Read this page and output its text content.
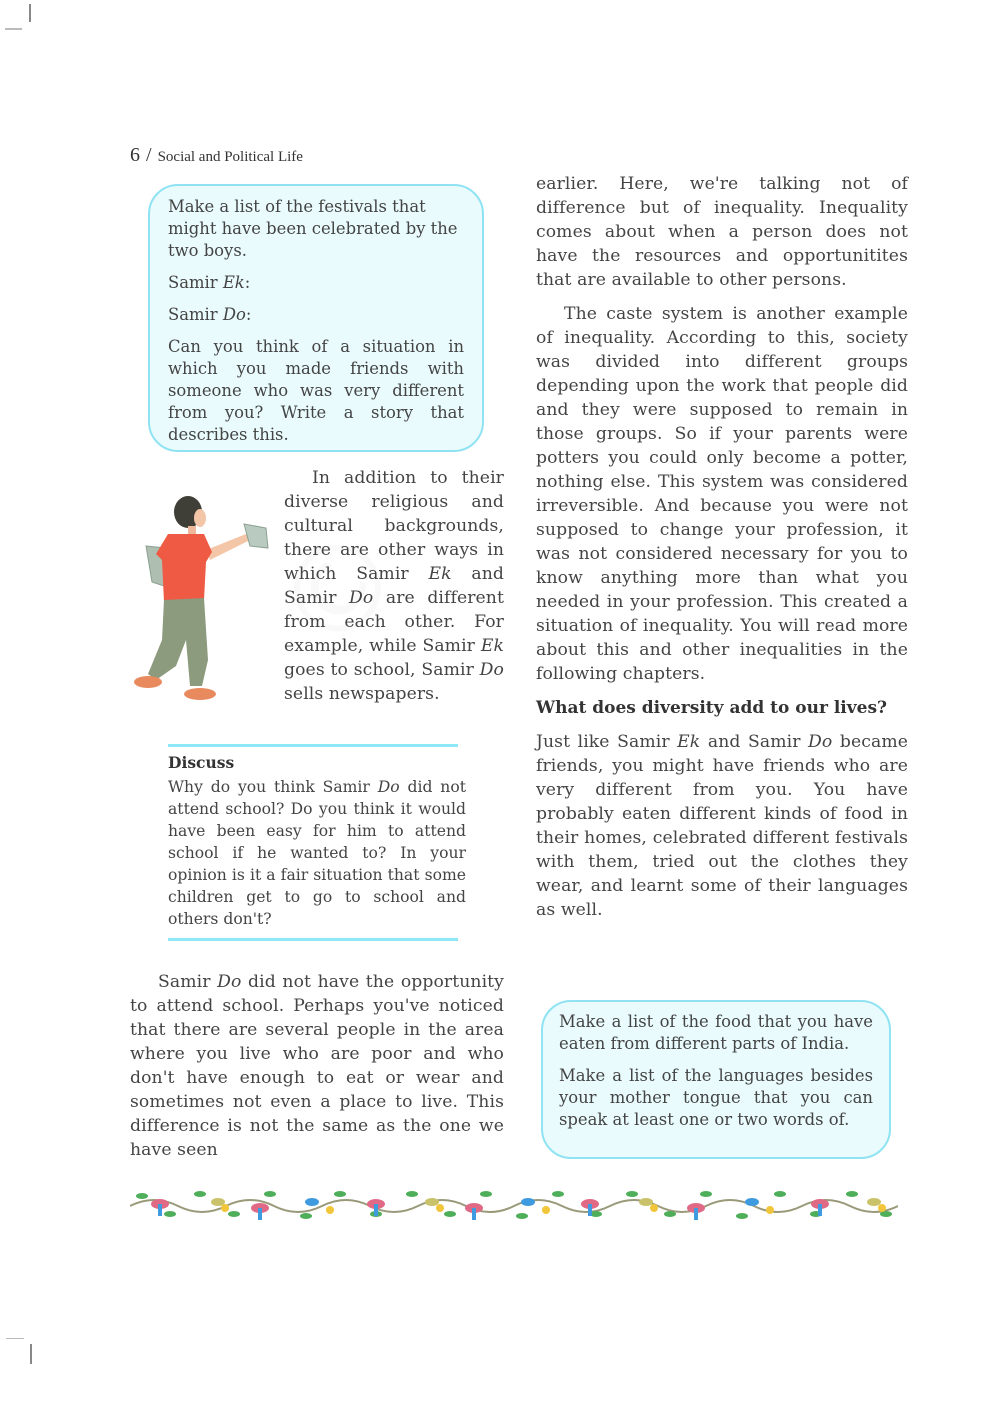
6 / Social and Political Life

Make a list of the festivals that might have been celebrated by the two boys.

Samir Ek:

Samir Do:

Can you think of a situation in which you made friends with someone who was very different from you? Write a story that describes this.

In addition to their diverse religious and cultural backgrounds, there are other ways in which Samir Ek and Samir Do are different from each other. For example, while Samir Ek goes to school, Samir Do sells newspapers.

Discuss

Why do you think Samir Do did not attend school? Do you think it would have been easy for him to attend school if he wanted to? In your opinion is it a fair situation that some children get to go to school and others don't?

Samir Do did not have the opportunity to attend school. Perhaps you've noticed that there are several people in the area where you live who are poor and who don't have enough to eat or wear and sometimes not even a place to live. This difference is not the same as the one we have seen

earlier. Here, we're talking not of difference but of inequality. Inequality comes about when a person does not have the resources and opportunitites that are available to other persons.

The caste system is another example of inequality. According to this, society was divided into different groups depending upon the work that people did and they were supposed to remain in those groups. So if your parents were potters you could only become a potter, nothing else. This system was considered irreversible. And because you were not supposed to change your profession, it was not considered necessary for you to know anything more than what you needed in your profession. This created a situation of inequality. You will read more about this and other inequalities in the following chapters.

What does diversity add to our lives?

Just like Samir Ek and Samir Do became friends, you might have friends who are very different from you. You have probably eaten different kinds of food in their homes, celebrated different festivals with them, tried out the clothes they wear, and learnt some of their languages as well.

Make a list of the food that you have eaten from different parts of India.

Make a list of the languages besides your mother tongue that you can speak at least one or two words of.
